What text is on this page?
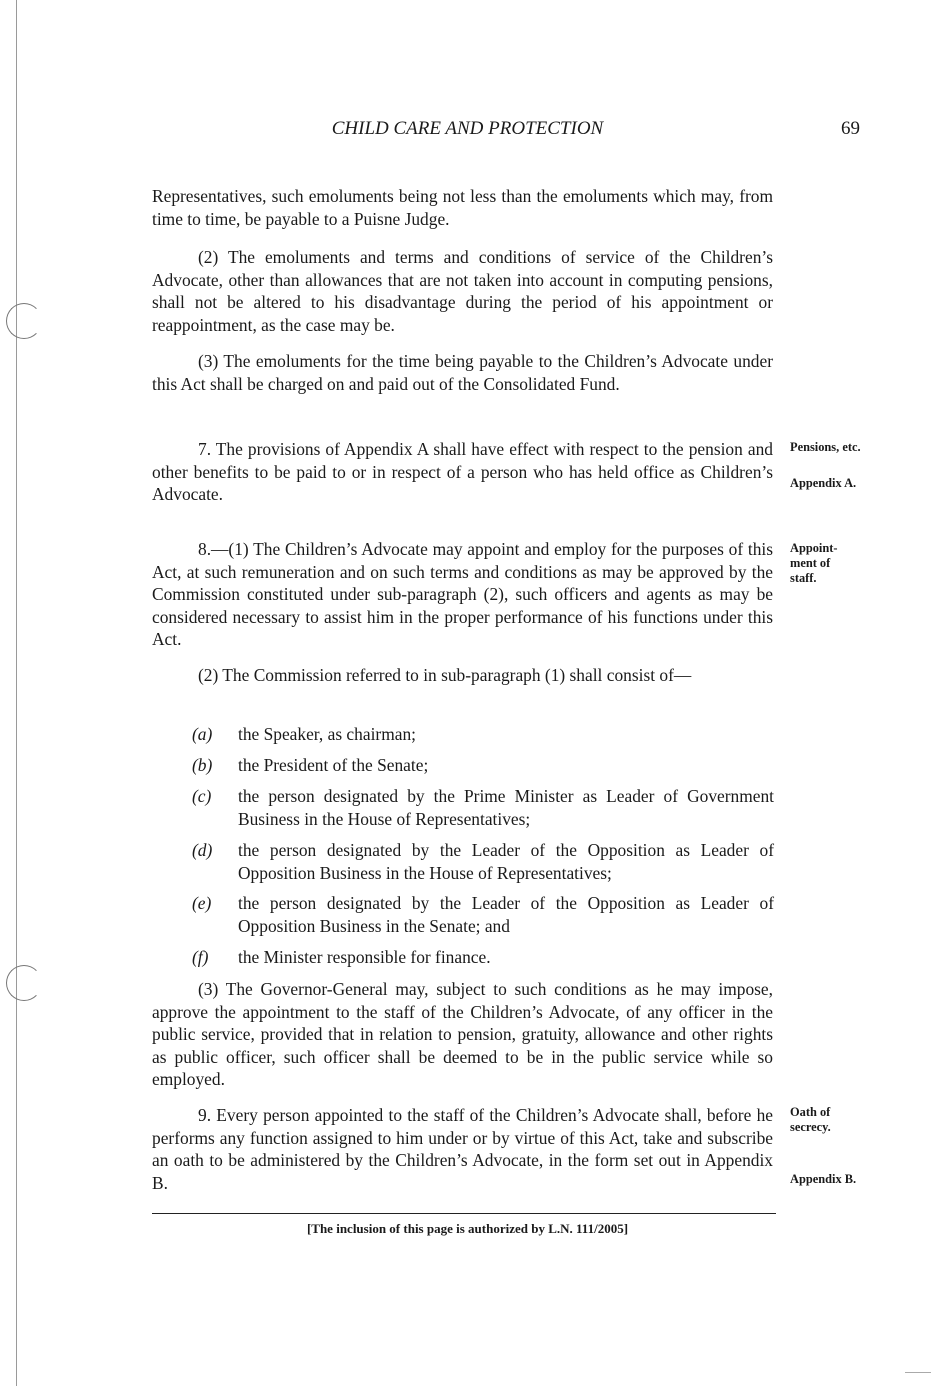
CHILD CARE AND PROTECTION	69
Representatives, such emoluments being not less than the emoluments which may, from time to time, be payable to a Puisne Judge.
(2) The emoluments and terms and conditions of service of the Children’s Advocate, other than allowances that are not taken into account in computing pensions, shall not be altered to his disadvantage during the period of his appointment or reappointment, as the case may be.
(3) The emoluments for the time being payable to the Children’s Advocate under this Act shall be charged on and paid out of the Consolidated Fund.
7. The provisions of Appendix A shall have effect with respect to the pension and other benefits to be paid to or in respect of a person who has held office as Children’s Advocate.
8.—(1) The Children’s Advocate may appoint and employ for the purposes of this Act, at such remuneration and on such terms and conditions as may be approved by the Commission constituted under sub-paragraph (2), such officers and agents as may be considered necessary to assist him in the proper performance of his functions under this Act.
(2) The Commission referred to in sub-paragraph (1) shall consist of—
(a) the Speaker, as chairman;
(b) the President of the Senate;
(c) the person designated by the Prime Minister as Leader of Government Business in the House of Representatives;
(d) the person designated by the Leader of the Opposition as Leader of Opposition Business in the House of Representatives;
(e) the person designated by the Leader of the Opposition as Leader of Opposition Business in the Senate; and
(f) the Minister responsible for finance.
(3) The Governor-General may, subject to such conditions as he may impose, approve the appointment to the staff of the Children’s Advocate, of any officer in the public service, provided that in relation to pension, gratuity, allowance and other rights as public officer, such officer shall be deemed to be in the public service while so employed.
9. Every person appointed to the staff of the Children’s Advocate shall, before he performs any function assigned to him under or by virtue of this Act, take and subscribe an oath to be administered by the Children’s Advocate, in the form set out in Appendix B.
Pensions, etc.
Appendix A.
Appoint-ment of staff.
Oath of secrecy.
Appendix B.
[The inclusion of this page is authorized by L.N. 111/2005]
